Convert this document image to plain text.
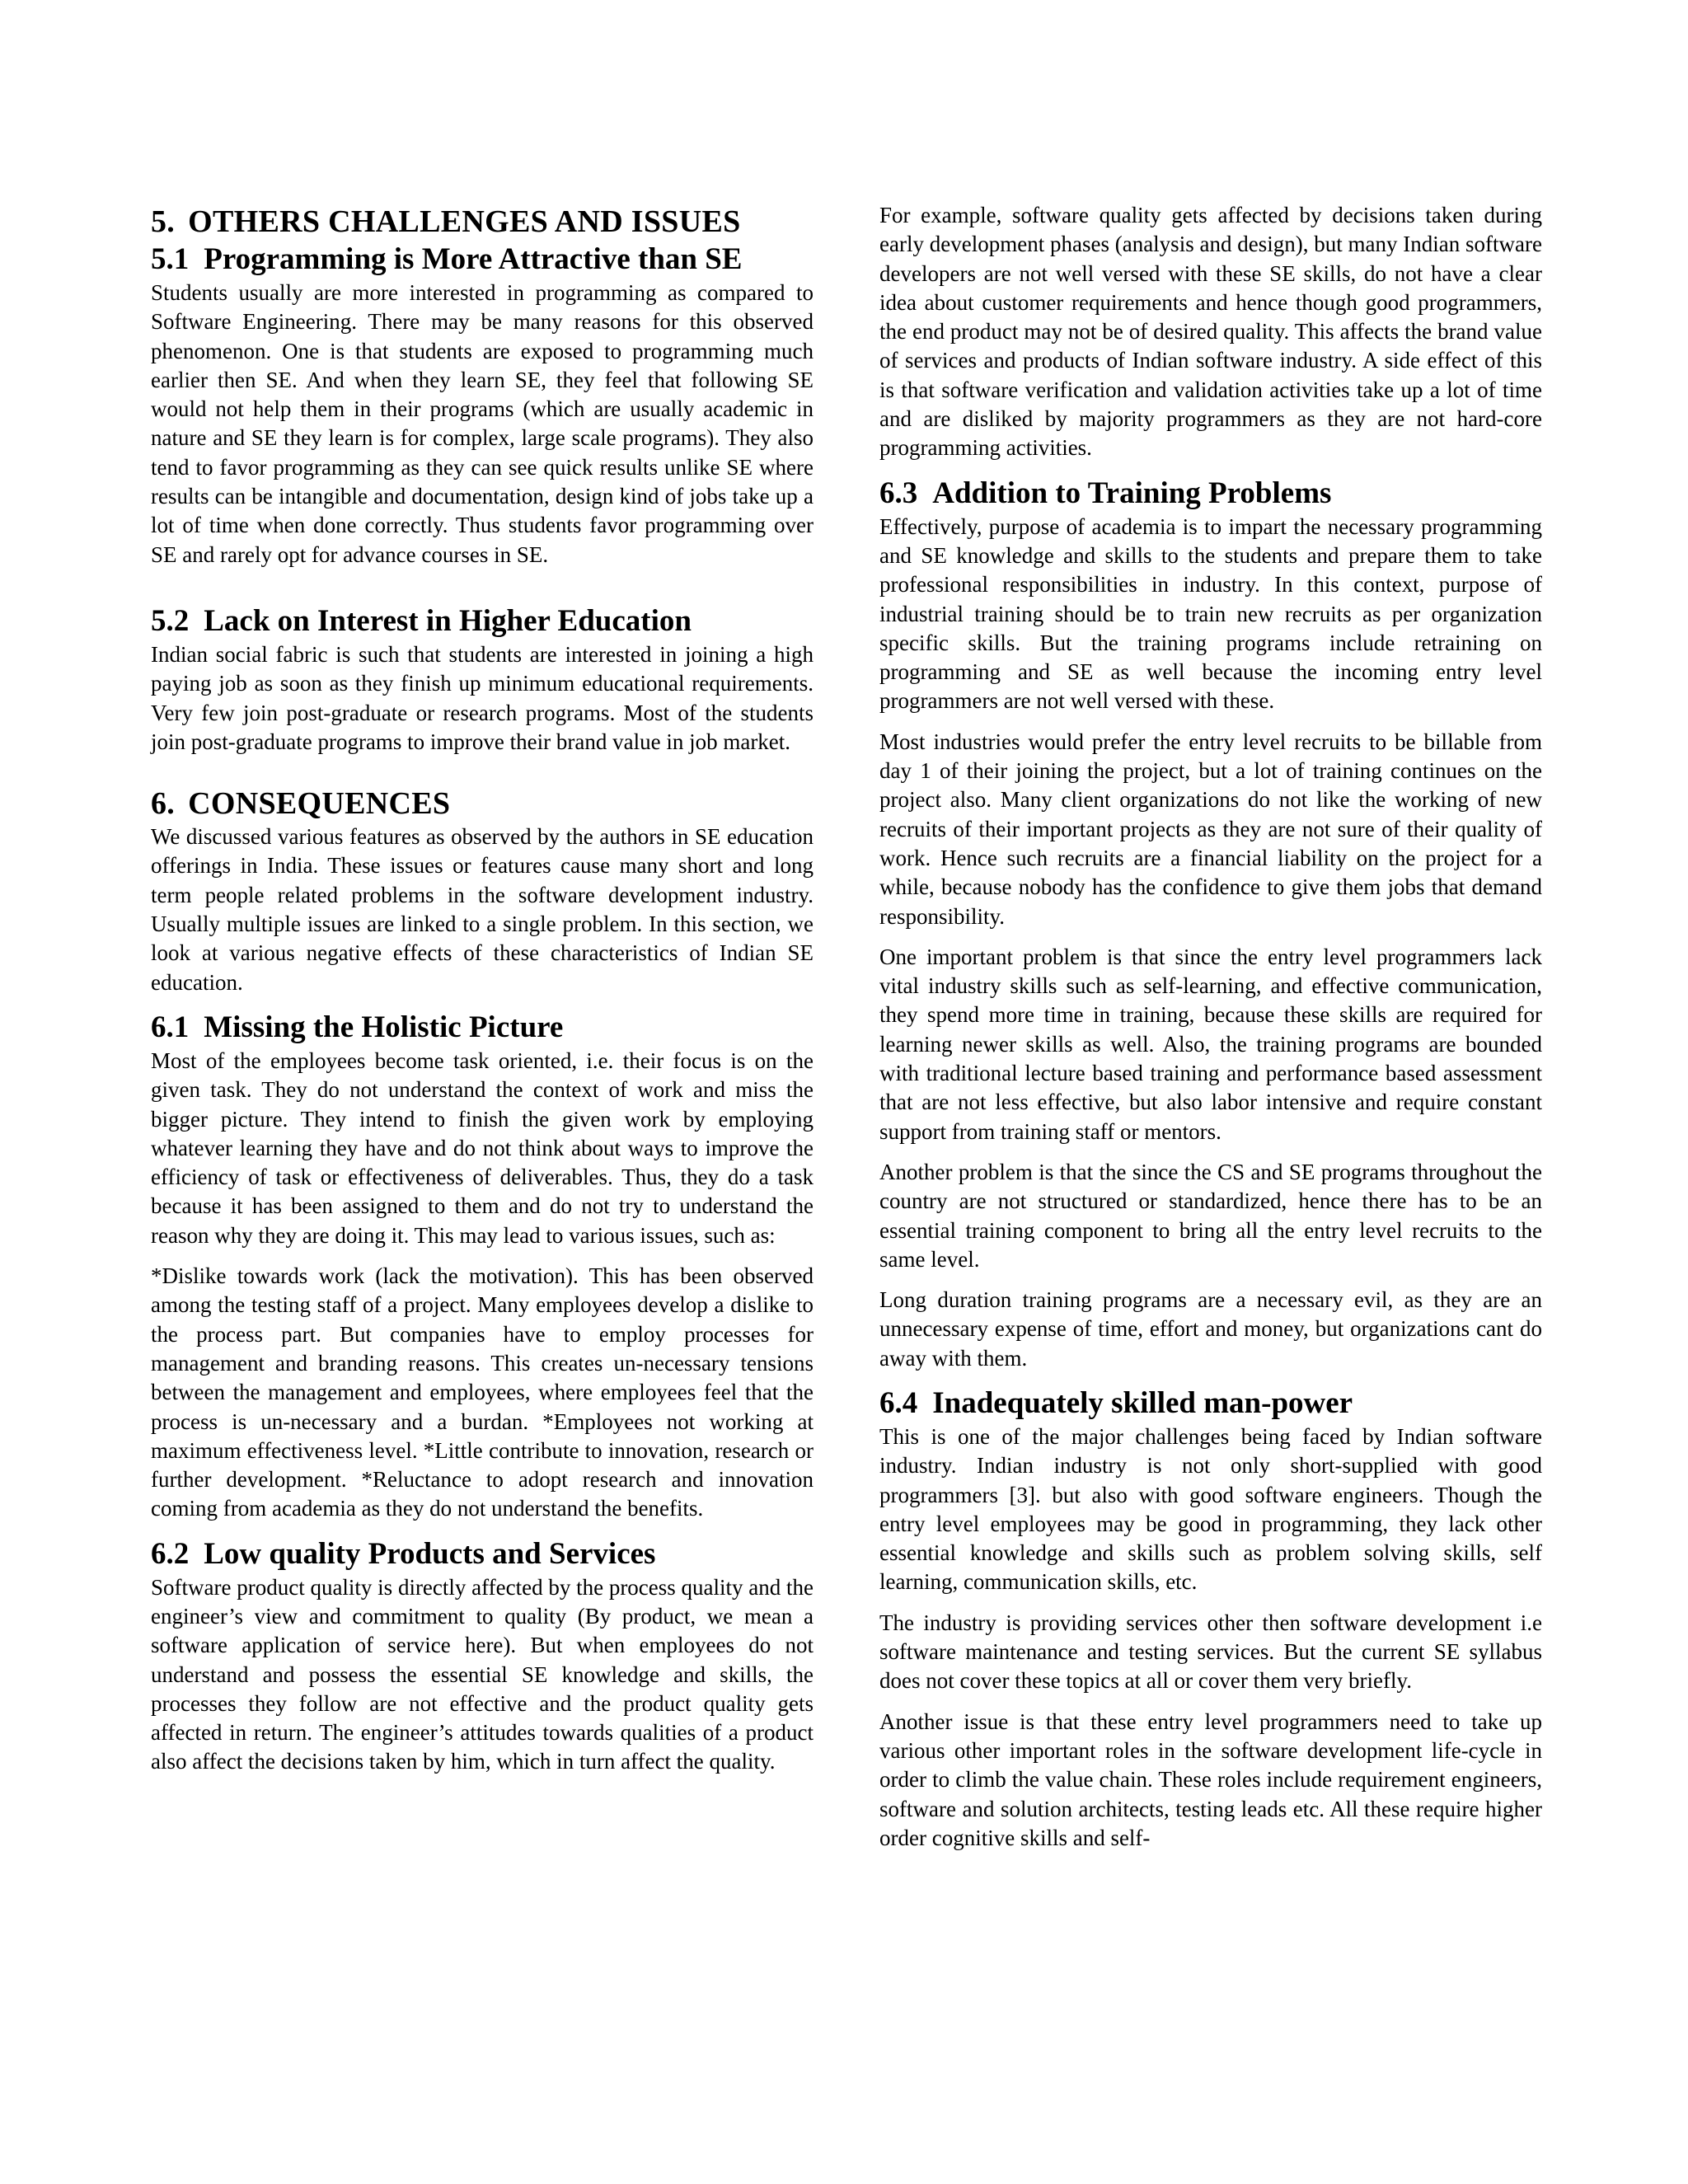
5. OTHERS CHALLENGES AND ISSUES
5.1 Programming is More Attractive than SE

Students usually are more interested in programming as compared to Software Engineering. There may be many reasons for this observed phenomenon. One is that students are exposed to programming much earlier then SE. And when they learn SE, they feel that following SE would not help them in their programs (which are usually academic in nature and SE they learn is for complex, large scale programs). They also tend to favor programming as they can see quick results unlike SE where results can be intangible and documentation, design kind of jobs take up a lot of time when done correctly. Thus students favor programming over SE and rarely opt for advance courses in SE.

5.2 Lack on Interest in Higher Education

Indian social fabric is such that students are interested in joining a high paying job as soon as they finish up minimum educational requirements. Very few join post-graduate or research programs. Most of the students join post-graduate programs to improve their brand value in job market.

6. CONSEQUENCES

We discussed various features as observed by the authors in SE education offerings in India. These issues or features cause many short and long term people related problems in the software development industry. Usually multiple issues are linked to a single problem. In this section, we look at various negative effects of these characteristics of Indian SE education.

6.1 Missing the Holistic Picture

Most of the employees become task oriented, i.e. their focus is on the given task. They do not understand the context of work and miss the bigger picture. They intend to finish the given work by employing whatever learning they have and do not think about ways to improve the efficiency of task or effectiveness of deliverables. Thus, they do a task because it has been assigned to them and do not try to understand the reason why they are doing it. This may lead to various issues, such as:

*Dislike towards work (lack the motivation). This has been observed among the testing staff of a project. Many employees develop a dislike to the process part. But companies have to employ processes for management and branding reasons. This creates un-necessary tensions between the management and employees, where employees feel that the process is un-necessary and a burdan. *Employees not working at maximum effectiveness level. *Little contribute to innovation, research or further development. *Reluctance to adopt research and innovation coming from academia as they do not understand the benefits.

6.2 Low quality Products and Services

Software product quality is directly affected by the process quality and the engineer’s view and commitment to quality (By product, we mean a software application of service here). But when employees do not understand and possess the essential SE knowledge and skills, the processes they follow are not effective and the product quality gets affected in return. The engineer’s attitudes towards qualities of a product also affect the decisions taken by him, which in turn affect the quality.

For example, software quality gets affected by decisions taken during early development phases (analysis and design), but many Indian software developers are not well versed with these SE skills, do not have a clear idea about customer requirements and hence though good programmers, the end product may not be of desired quality. This affects the brand value of services and products of Indian software industry. A side effect of this is that software verification and validation activities take up a lot of time and are disliked by majority programmers as they are not hard-core programming activities.

6.3 Addition to Training Problems

Effectively, purpose of academia is to impart the necessary programming and SE knowledge and skills to the students and prepare them to take professional responsibilities in industry. In this context, purpose of industrial training should be to train new recruits as per organization specific skills. But the training programs include retraining on programming and SE as well because the incoming entry level programmers are not well versed with these.

Most industries would prefer the entry level recruits to be billable from day 1 of their joining the project, but a lot of training continues on the project also. Many client organizations do not like the working of new recruits of their important projects as they are not sure of their quality of work. Hence such recruits are a financial liability on the project for a while, because nobody has the confidence to give them jobs that demand responsibility.

One important problem is that since the entry level programmers lack vital industry skills such as self-learning, and effective communication, they spend more time in training, because these skills are required for learning newer skills as well. Also, the training programs are bounded with traditional lecture based training and performance based assessment that are not less effective, but also labor intensive and require constant support from training staff or mentors.

Another problem is that the since the CS and SE programs throughout the country are not structured or standardized, hence there has to be an essential training component to bring all the entry level recruits to the same level.

Long duration training programs are a necessary evil, as they are an unnecessary expense of time, effort and money, but organizations cant do away with them.

6.4 Inadequately skilled man-power

This is one of the major challenges being faced by Indian software industry. Indian industry is not only short-supplied with good programmers [3]. but also with good software engineers. Though the entry level employees may be good in programming, they lack other essential knowledge and skills such as problem solving skills, self learning, communication skills, etc.

The industry is providing services other then software development i.e software maintenance and testing services. But the current SE syllabus does not cover these topics at all or cover them very briefly.

Another issue is that these entry level programmers need to take up various other important roles in the software development life-cycle in order to climb the value chain. These roles include requirement engineers, software and solution architects, testing leads etc. All these require higher order cognitive skills and self-
